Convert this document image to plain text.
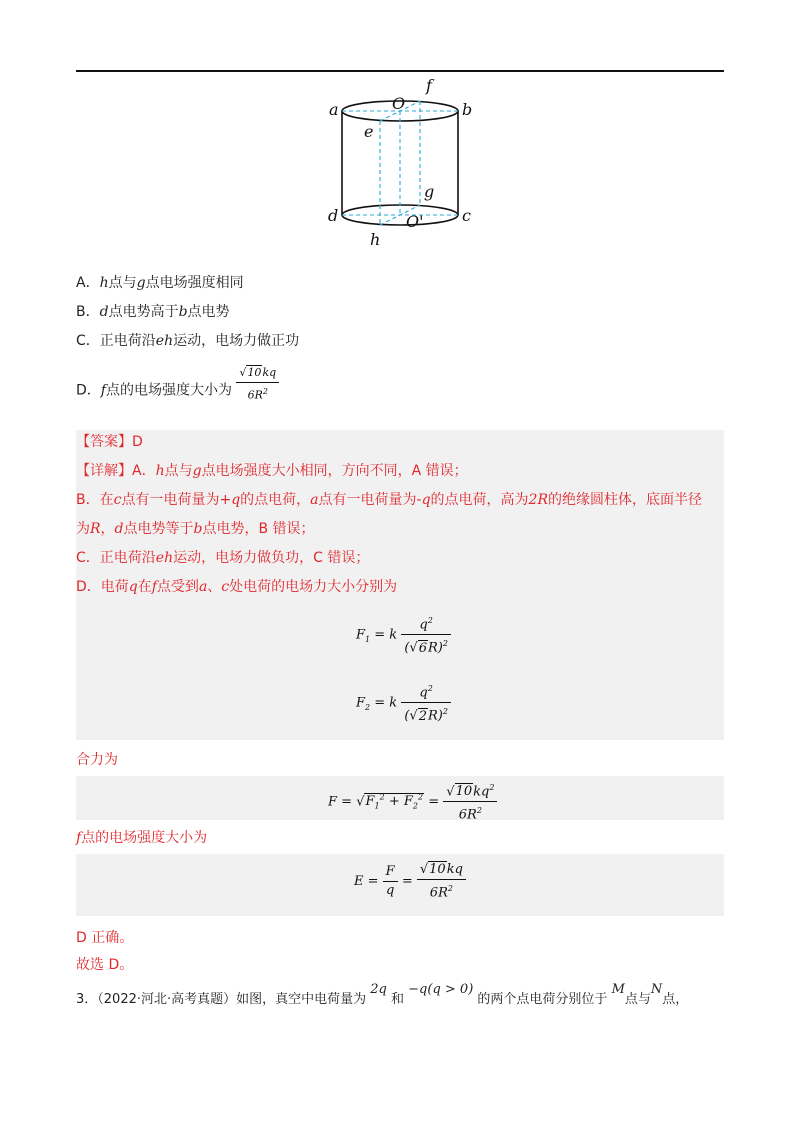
a	b
c
d
e
f
g
h
O
O'
A．h点与g点电场强度相同
B．d点电势高于b点电势
C．正电荷沿eh运动，电场力做正功
D．f点的电场强度大小为 $\frac{√10kq}{6R^2}$
【答案】D
【详解】A．h点与g点电场强度大小相同，方向不同，A 错误；
B．在c点有一电荷量为+q的点电荷，a点有一电荷量为-q的点电荷，高为2R的绝缘圆柱体，底面半径
为R，d点电势等于b点电势，B 错误；
C．正电荷沿eh运动，电场力做负功，C 错误；
D．电荷q在f点受到a、c处电荷的电场力大小分别为
$F_1 = k \frac{q^2}{(√6R)^2}$
$F_2 = k \frac{q^2}{(√2R)^2}$
合力为
$F = √F_1^2 + F_2^2 = \frac{√10kq^2}{6R^2}$
f点的电场强度大小为
$E = \frac{F}{q} = \frac{√10kq}{6R^2}$
D 正确。
故选 D。
3．（2022·河北·高考真题）如图，真空中电荷量为 2q 和 −q(q > 0) 的两个点电荷分别位于 M点与N点，
